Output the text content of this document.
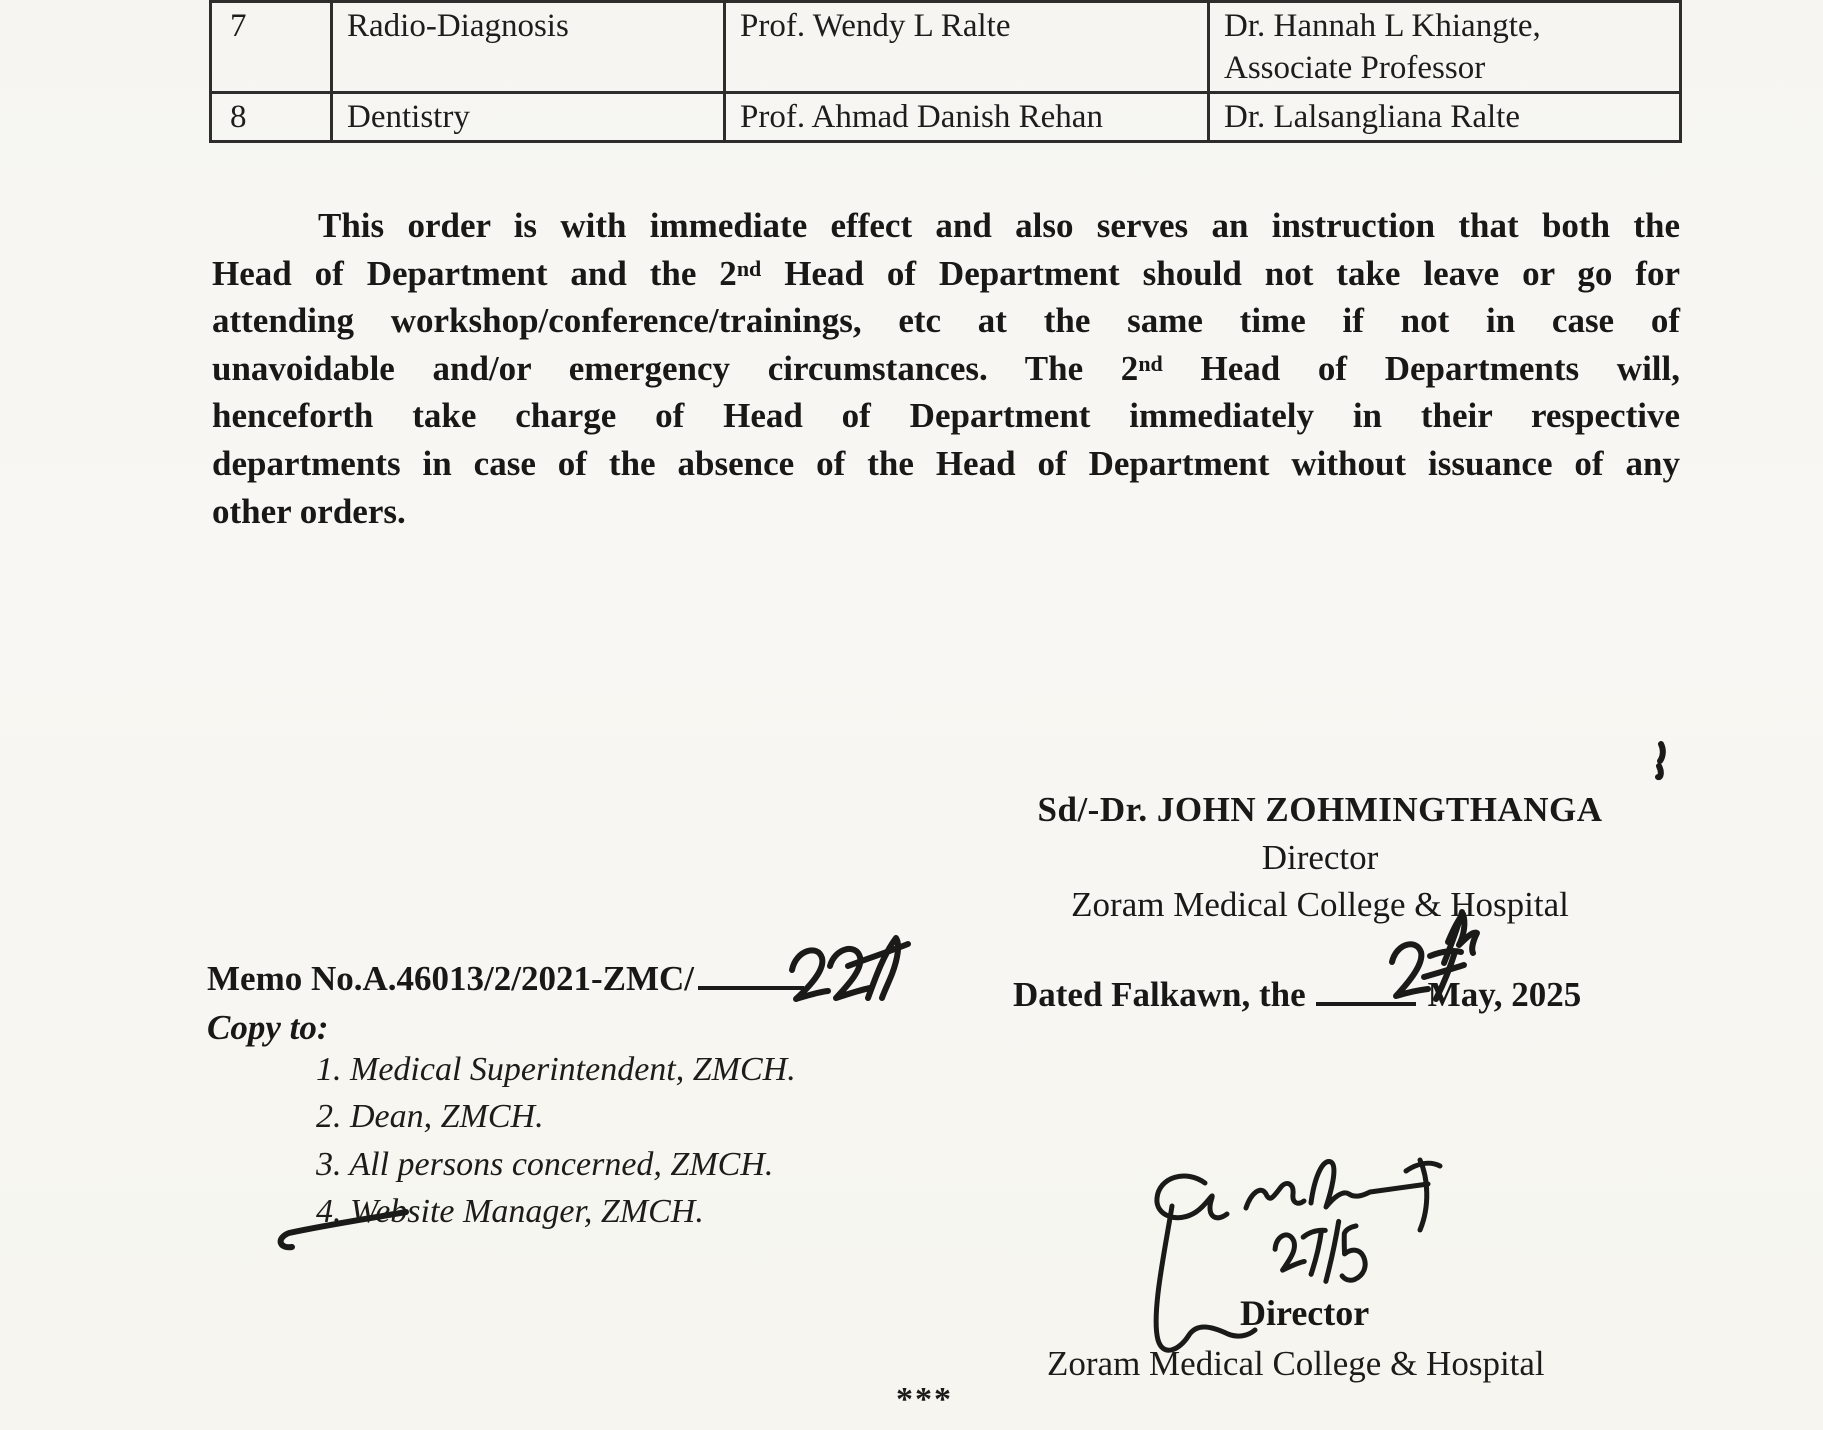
7	Radio-Diagnosis	Prof. Wendy L Ralte	Dr. Hannah L Khiangte,
Associate Professor

8	Dentistry	Prof. Ahmad Danish Rehan	Dr. Lalsangliana Ralte
This order is with immediate effect and also serves an instruction that both the
Head of Department and the 2nd Head of Department should not take leave or go for
attending workshop/conference/trainings, etc at the same time if not in case of
unavoidable and/or emergency circumstances. The 2nd Head of Departments will,
henceforth take charge of Head of Department immediately in their respective
departments in case of the absence of the Head of Department without issuance of any
other orders.
Sd/-Dr. JOHN ZOHMINGTHANGA
Director
Zoram Medical College & Hospital
Memo No.A.46013/2/2021-ZMC/	Dated Falkawn, the	May, 2025
Copy to:
1. Medical Superintendent, ZMCH.
2. Dean, ZMCH.
3. All persons concerned, ZMCH.
4. Website Manager, ZMCH.
Director
Zoram Medical College & Hospital
***
